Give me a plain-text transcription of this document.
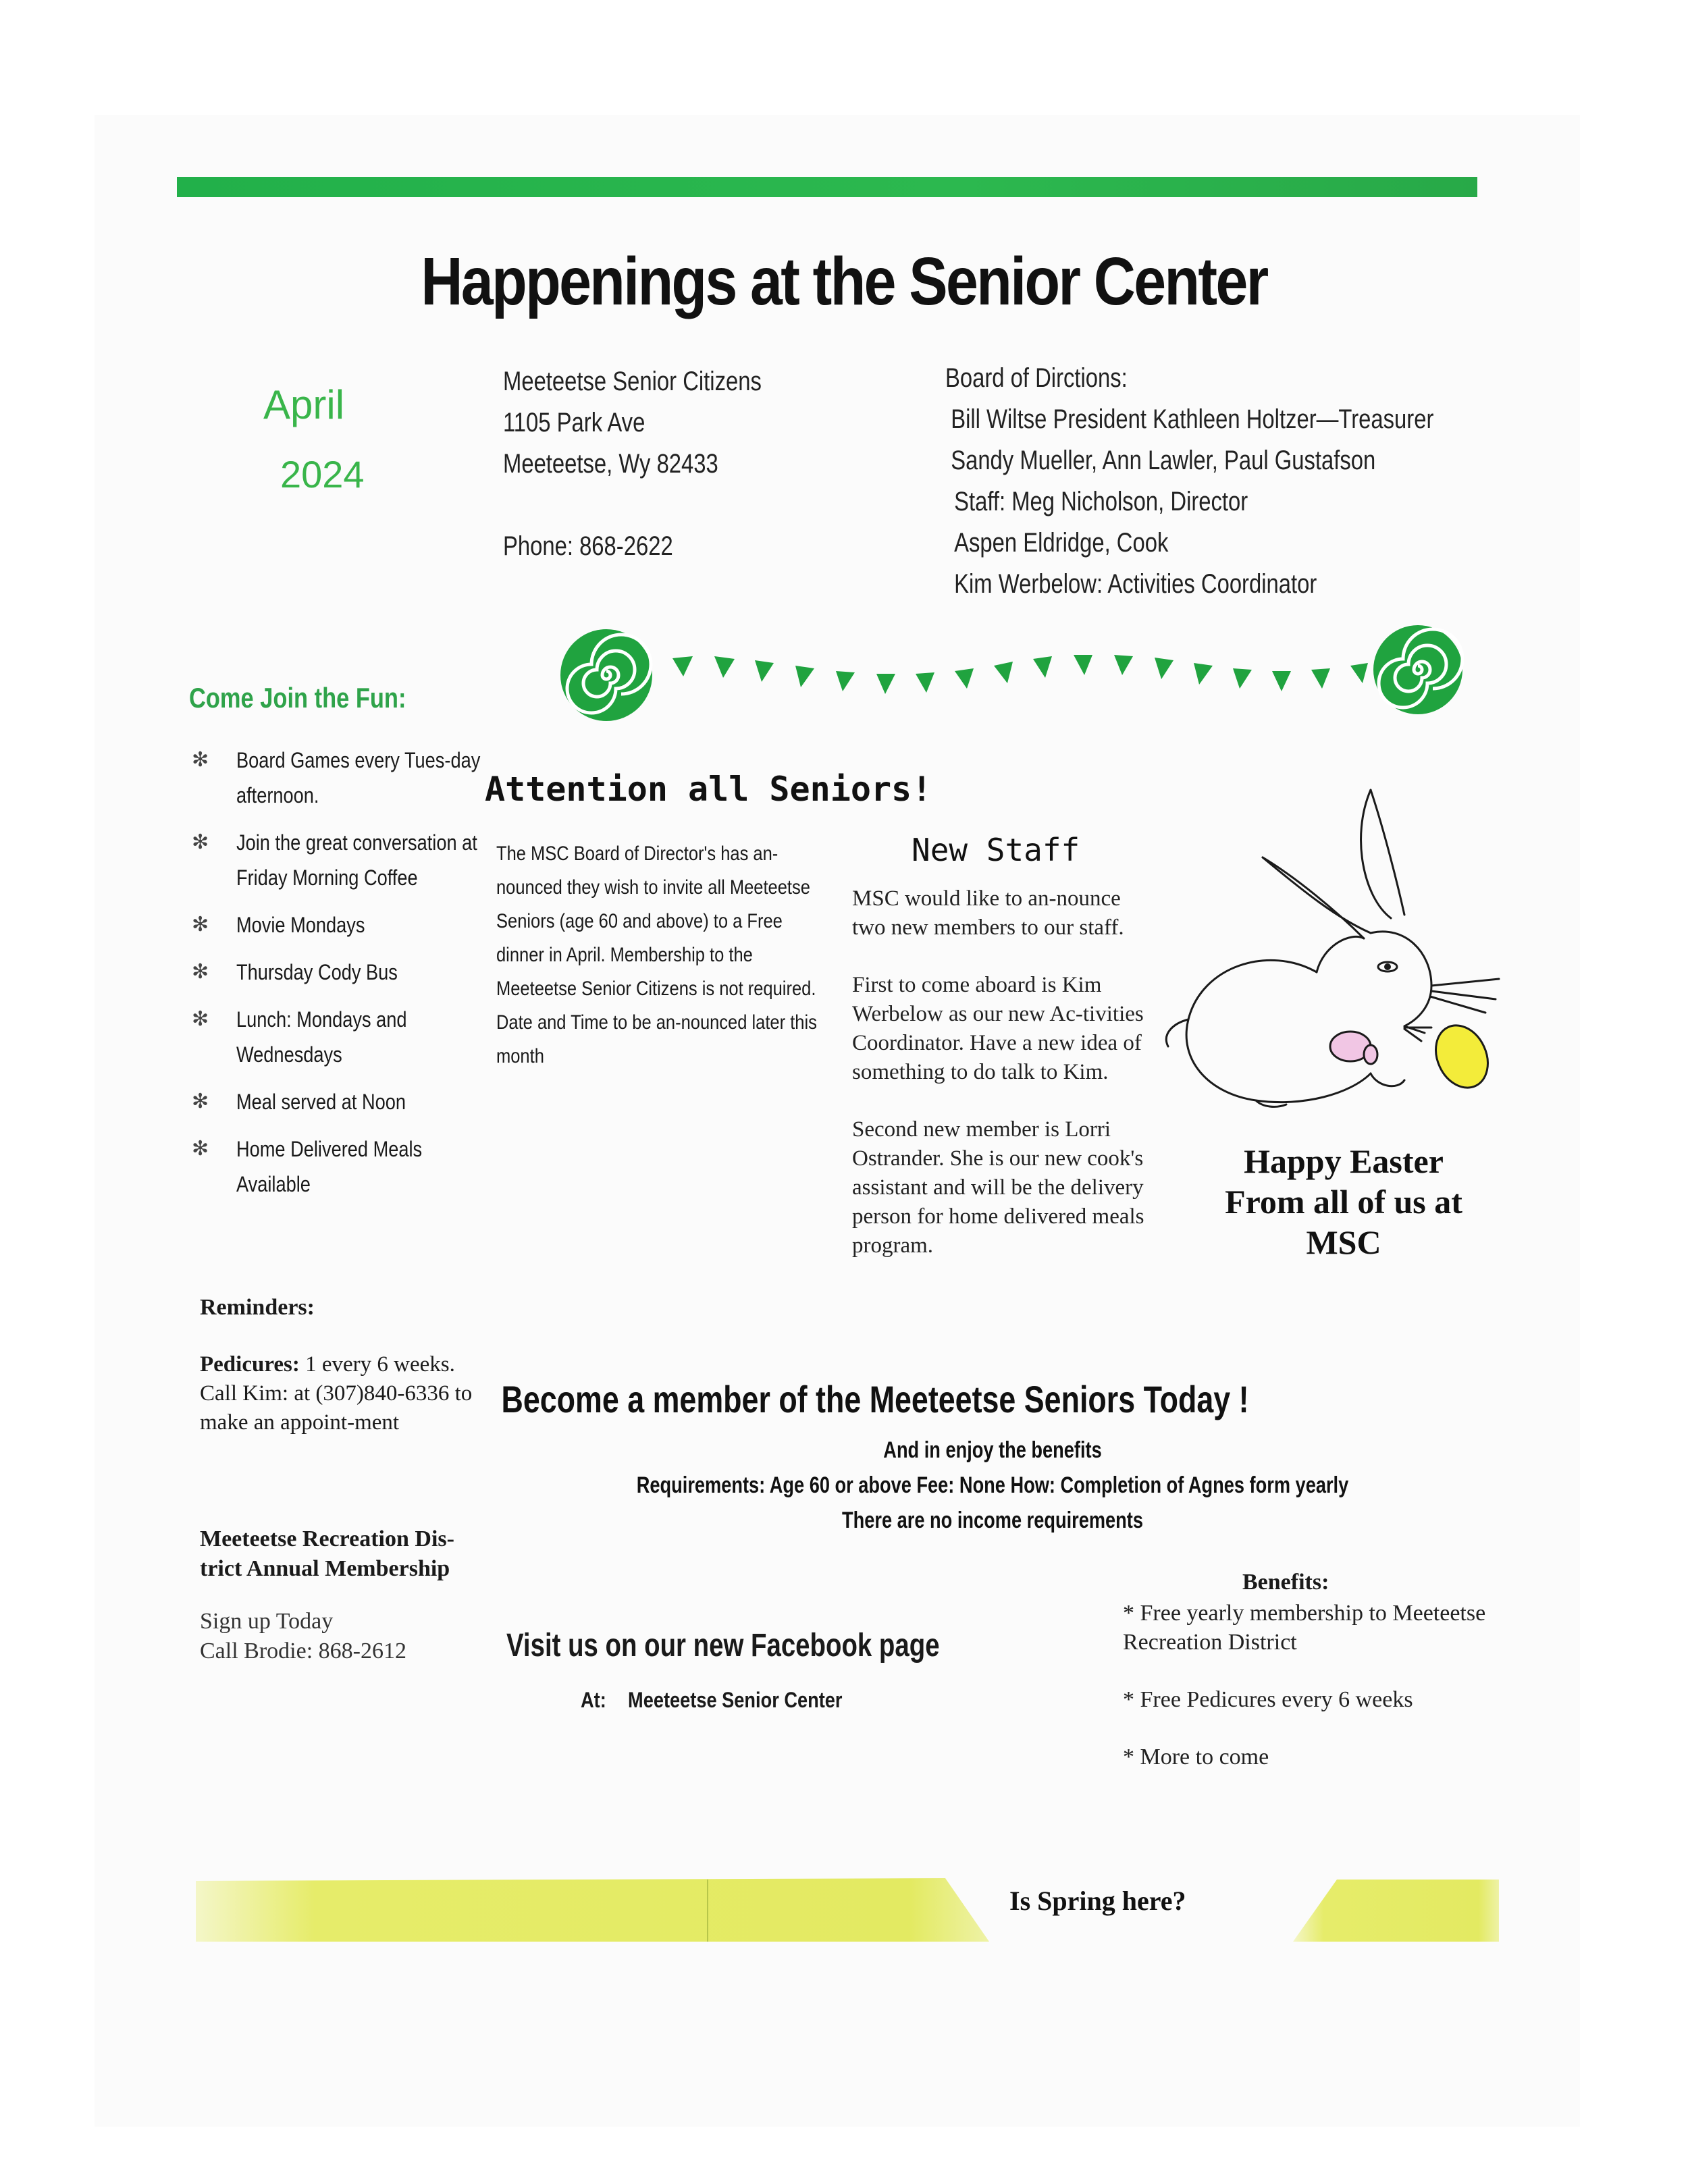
Happenings at the Senior Center
April
2024
Meeteetse Senior Citizens
1105 Park Ave
Meeteetse, Wy 82433
Phone: 868-2622
Board of Dirctions:
Bill Wiltse President Kathleen Holtzer—Treasurer
Sandy Mueller, Ann Lawler, Paul Gustafson
Staff: Meg Nicholson, Director
Aspen Eldridge, Cook
Kim Werbelow: Activities Coordinator
Come Join the Fun:
✻ Board Games every Tues-day afternoon.
✻ Join the great conversation at Friday Morning Coffee
✻ Movie Mondays
✻ Thursday Cody Bus
✻ Lunch: Mondays and Wednesdays
✻ Meal served at Noon
✻ Home Delivered Meals Available
Attention all Seniors!
The MSC Board of Director's has an-nounced they wish to invite all Meeteetse Seniors (age 60 and above) to a Free dinner in April. Membership to the Meeteetse Senior Citizens is not required. Date and Time to be an-nounced later this month
New Staff

MSC would like to an-nounce two new members to our staff.

First to come aboard is Kim Werbelow as our new Ac-tivities Coordinator. Have a new idea of something to do talk to Kim.

Second new member is Lorri Ostrander. She is our new cook's assistant and will be the delivery person for home delivered meals program.

Happy Easter
From all of us at
MSC
Reminders:
Pedicures: 1 every 6 weeks. Call Kim: at (307)840-6336 to make an appoint-ment
Meeteetse Recreation Dis-trict Annual Membership
Sign up Today
Call Brodie: 868-2612
Become a member of the Meeteetse Seniors Today !
And in enjoy the benefits
Requirements: Age 60 or above Fee: None How: Completion of Agnes form yearly
There are no income requirements
Visit us on our new Facebook page
At: Meeteetse Senior Center
Benefits:
* Free yearly membership to Meeteetse Recreation District
* Free Pedicures every 6 weeks
* More to come
Is Spring here?
